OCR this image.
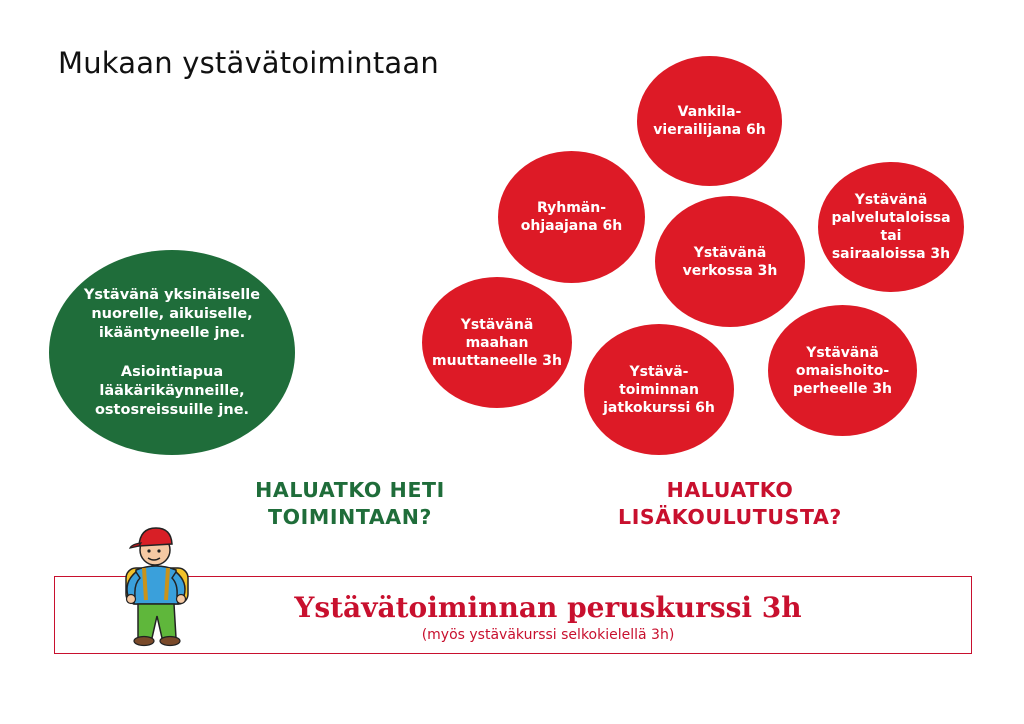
Mukaan ystävätoimintaan
Ystävänä yksinäiselle
nuorelle, aikuiselle,
ikääntyneelle jne.
Asiointiapua
lääkärikäynneille,
ostosreissuille jne.
Vankila-
vierailijana 6h
Ryhmän-
ohjaajana 6h
Ystävänä
verkossa 3h
Ystävänä
palvelutaloissa
tai
sairaaloissa 3h
Ystävänä
maahan
muuttaneelle 3h
Ystävä-
toiminnan
jatkokurssi 6h
Ystävänä
omaishoito-
perheelle 3h
HALUATKO HETI
TOIMINTAAN?
HALUATKO
LISÄKOULUTUSTA?
Ystävätoiminnan peruskurssi 3h
(myös ystäväkurssi selkokielellä 3h)
